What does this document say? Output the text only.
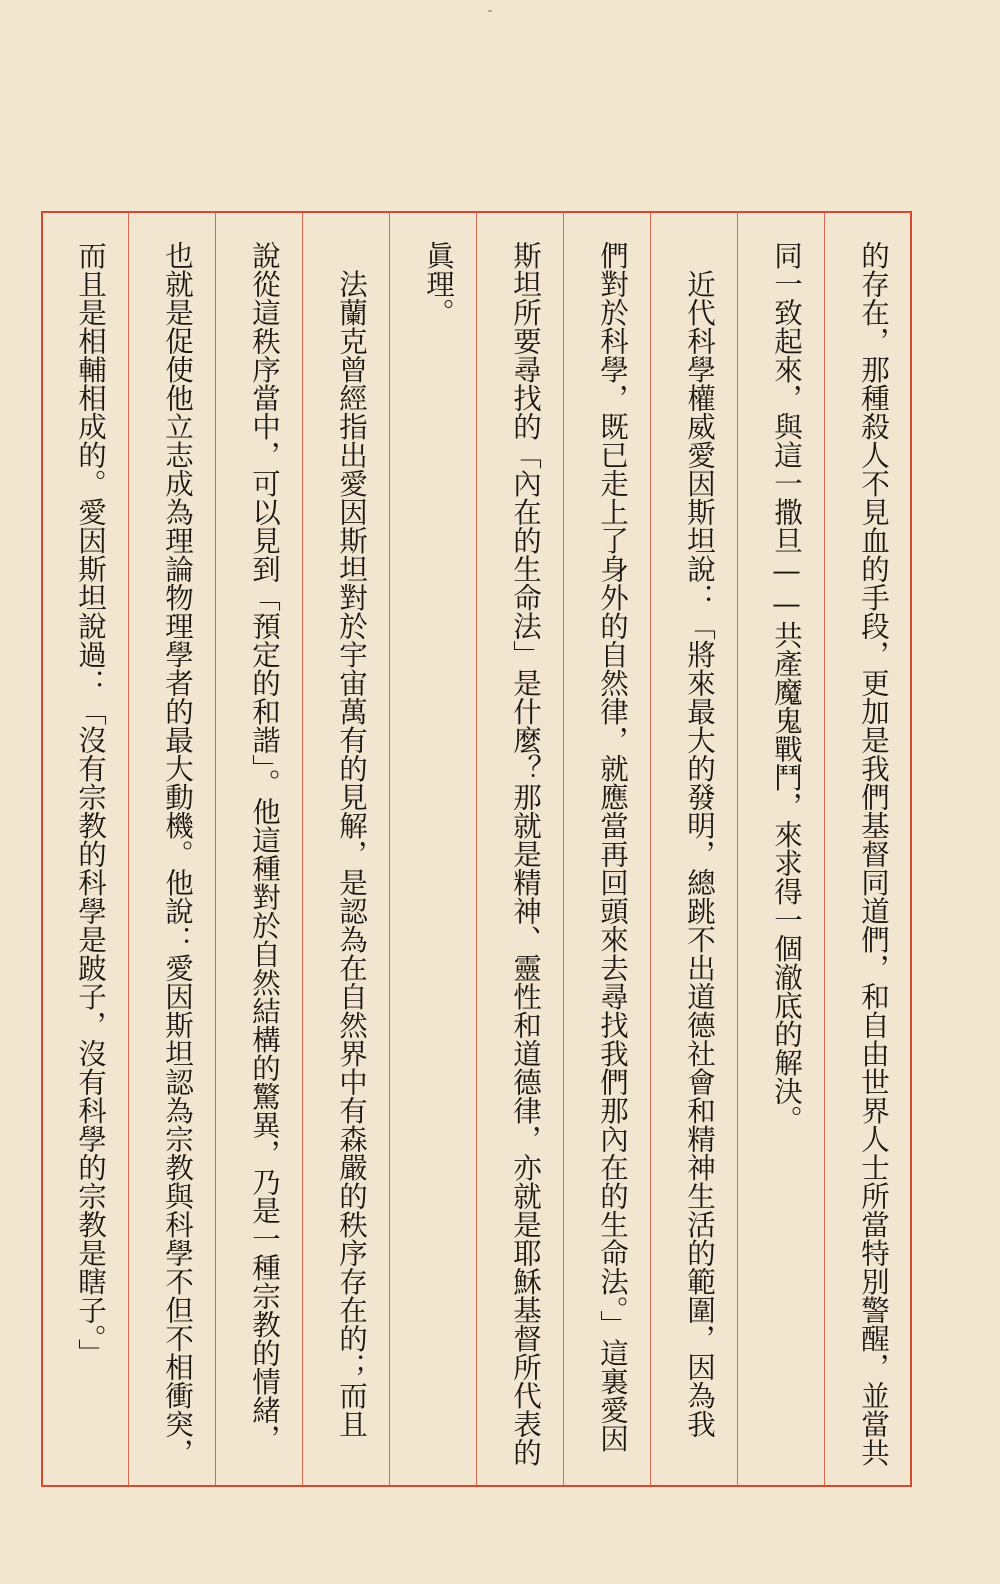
的存在，那種殺人不見血的手段，更加是我們基督同道們，和自由世界人士所當特別警醒，並當共
同一致起來，與這一撒旦——共產魔鬼戰鬥，來求得一個澈底的解決。
　近代科學權威愛因斯坦說：「將來最大的發明，總跳不出道德社會和精神生活的範圍，因為我
們對於科學，既已走上了身外的自然律，就應當再回頭來去尋找我們那內在的生命法。」這裏愛因
斯坦所要尋找的「內在的生命法」是什麼？那就是精神、靈性和道德律，亦就是耶穌基督所代表的
眞理。
　法蘭克曾經指出愛因斯坦對於宇宙萬有的見解，是認為在自然界中有森嚴的秩序存在的；而且
說從這秩序當中，可以見到「預定的和諧」。他這種對於自然結構的驚異，乃是一種宗教的情緒，
也就是促使他立志成為理論物理學者的最大動機。他說：愛因斯坦認為宗教與科學不但不相衝突，
而且是相輔相成的。愛因斯坦說過：「沒有宗教的科學是跛子，沒有科學的宗教是瞎子。」
